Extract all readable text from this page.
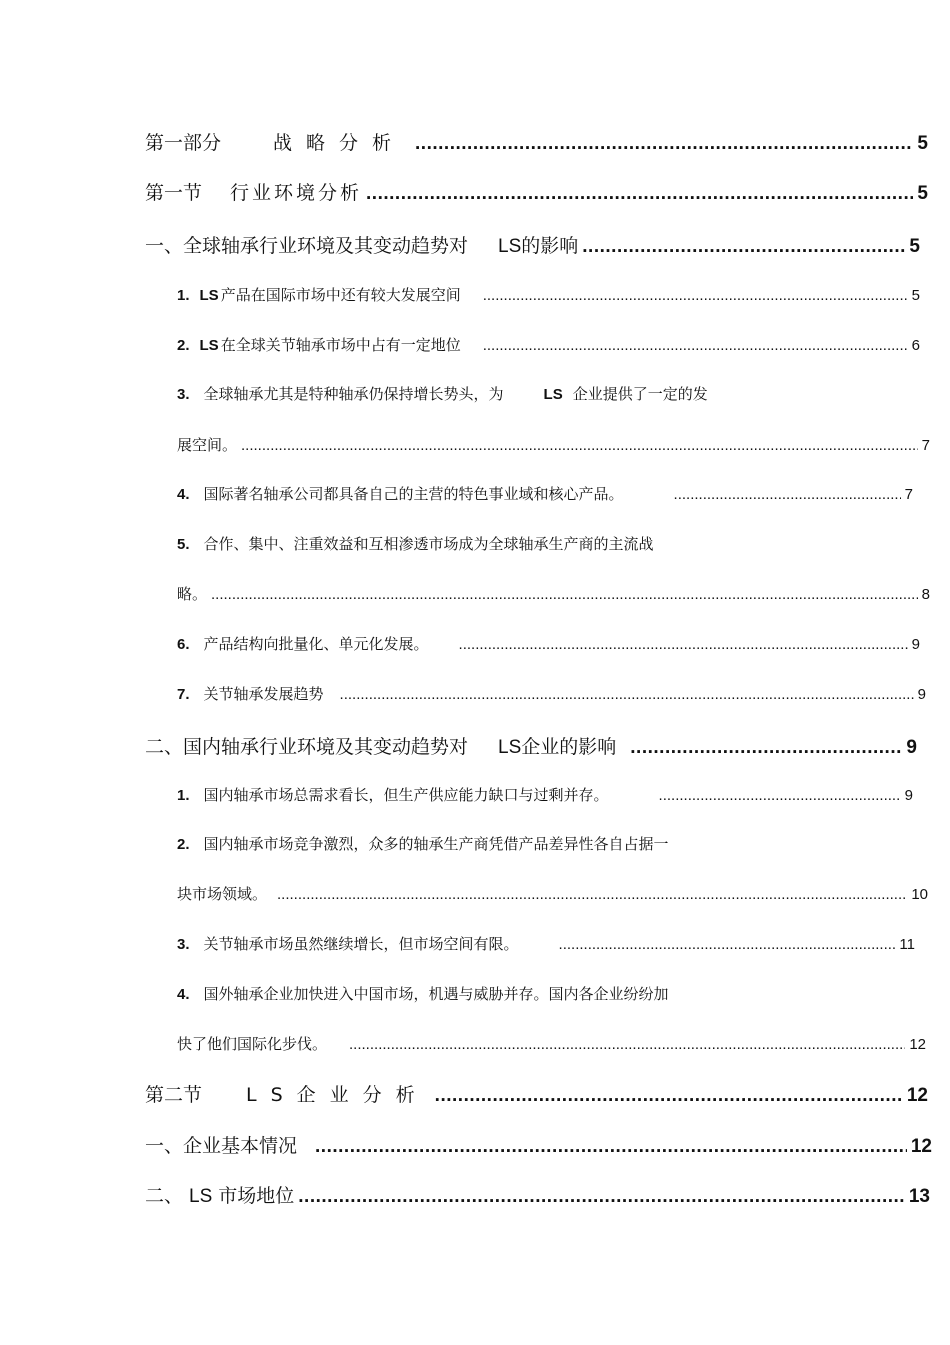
第一部分	战略分析 .....	5
第一节 行业环境分析 .....	5
一、全球轴承行业环境及其变动趋势对 LS 的影响 .....	5
1. LS 产品在国际市场中还有较大发展空间 .....	5
2. LS 在全球关节轴承市场中占有一定地位 .....	6
3. 全球轴承尤其是特种轴承仍保持增长势头，为	LS 企业提供了一定的发
展空间。 .....	7
4. 国际著名轴承公司都具备自己的主营的特色事业域和核心产品。 .....	7
5. 合作、集中、注重效益和互相渗透市场成为全球轴承生产商的主流战
略。 .....	8
6. 产品结构向批量化、单元化发展。 .....	9
7. 关节轴承发展趋势 .....	9
二、国内轴承行业环境及其变动趋势对 LS 企业的影响 .....	9
1. 国内轴承市场总需求看长，但生产供应能力缺口与过剩并存。 .....	9
2. 国内轴承市场竞争激烈，众多的轴承生产商凭借产品差异性各自占据一
块市场领域。 .....	10
3. 关节轴承市场虽然继续增长，但市场空间有限。 .....	11
4. 国外轴承企业加快进入中国市场，机遇与威胁并存。国内各企业纷纷加
快了他们国际化步伐。 .....	12
第二节 LS企业分析 .....	12
一、企业基本情况 .....	12
二、 LS 市场地位 .....	13
